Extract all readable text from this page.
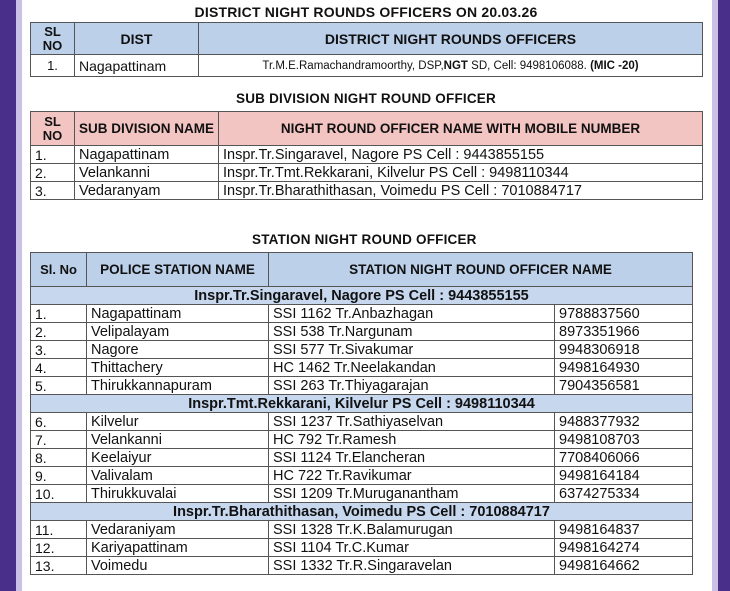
DISTRICT NIGHT ROUNDS OFFICERS ON 20.03.26
SL NO	DIST	DISTRICT NIGHT ROUNDS OFFICERS
1.	Nagapattinam	Tr.M.E.Ramachandramoorthy, DSP,NGT SD, Cell: 9498106088. (MIC -20)
SUB DIVISION NIGHT ROUND OFFICER
SL NO	SUB DIVISION NAME	NIGHT ROUND OFFICER NAME WITH MOBILE NUMBER
1.	Nagapattinam	Inspr.Tr.Singaravel, Nagore PS Cell : 9443855155
2.	Velankanni	Inspr.Tr.Tmt.Rekkarani, Kilvelur PS Cell : 9498110344
3.	Vedaranyam	Inspr.Tr.Bharathithasan, Voimedu PS Cell : 7010884717
STATION NIGHT ROUND OFFICER
Sl. No	POLICE STATION NAME	STATION NIGHT ROUND OFFICER NAME	
Inspr.Tr.Singaravel, Nagore PS Cell : 9443855155			
1.	Nagapattinam	SSI 1162 Tr.Anbazhagan	9788837560
2.	Velipalayam	SSI 538 Tr.Nargunam	8973351966
3.	Nagore	SSI 577 Tr.Sivakumar	9948306918
4.	Thittachery	HC 1462 Tr.Neelakandan	9498164930
5.	Thirukkannapuram	SSI 263 Tr.Thiyagarajan	7904356581
Inspr.Tmt.Rekkarani, Kilvelur PS Cell : 9498110344			
6.	Kilvelur	SSI 1237 Tr.Sathiyaselvan	9488377932
7.	Velankanni	HC 792 Tr.Ramesh	9498108703
8.	Keelaiyur	SSI 1124 Tr.Elancheran	7708406066
9.	Valivalam	HC 722 Tr.Ravikumar	9498164184
10.	Thirukkuvalai	SSI 1209 Tr.Muruganantham	6374275334
Inspr.Tr.Bharathithasan, Voimedu PS Cell : 7010884717			
11.	Vedaraniyam	SSI 1328 Tr.K.Balamurugan	9498164837
12.	Kariyapattinam	SSI 1104 Tr.C.Kumar	9498164274
13.	Voimedu	SSI 1332 Tr.R.Singaravelan	9498164662
